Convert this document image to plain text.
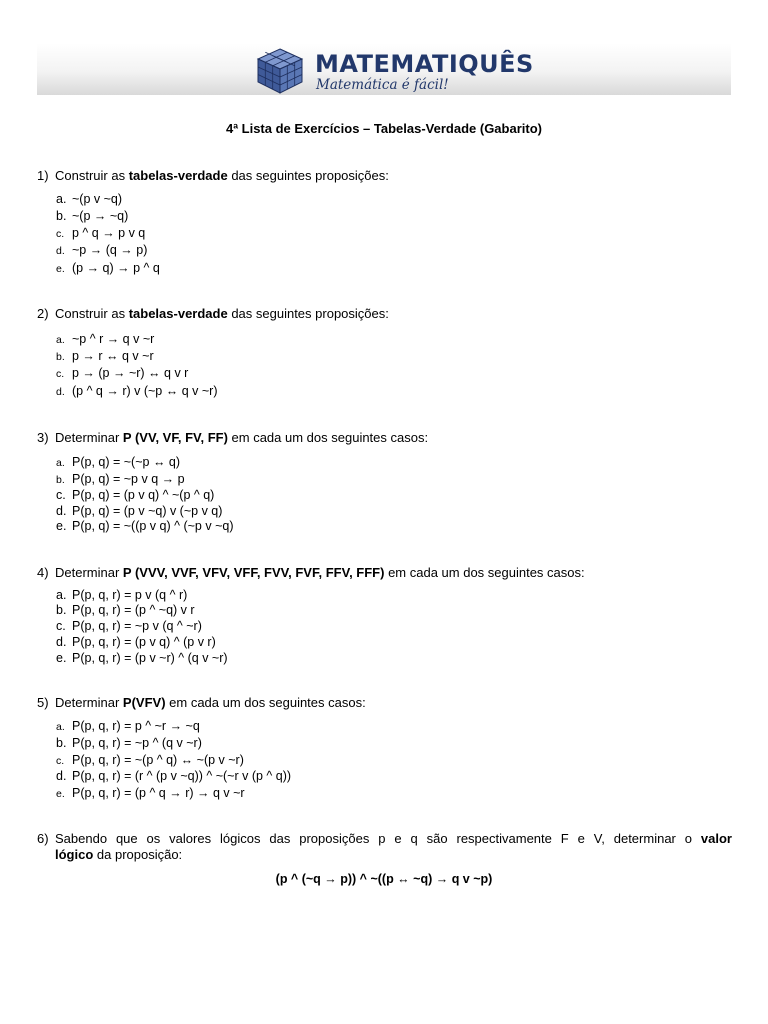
MATEMATIQUÊS
Matemática é fácil!
4ª Lista de Exercícios – Tabelas-Verdade (Gabarito)
1) Construir as tabelas-verdade das seguintes proposições:
a. ~(p v ~q)
b. ~(p → ~q)
c. p ^ q → p v q
d. ~p → (q → p)
e. (p → q) → p ^ q
2) Construir as tabelas-verdade das seguintes proposições:
a. ~p ^ r → q v ~r
b. p → r ↔ q v ~r
c. p → (p → ~r) ↔ q v r
d. (p ^ q → r) v (~p ↔ q v ~r)
3) Determinar P (VV, VF, FV, FF) em cada um dos seguintes casos:
a. P(p, q) = ~(~p ↔ q)
b. P(p, q) = ~p v q → p
c. P(p, q) = (p v q) ^ ~(p ^ q)
d. P(p, q) = (p v ~q) v (~p v q)
e. P(p, q) = ~((p v q) ^ (~p v ~q)
4) Determinar P (VVV, VVF, VFV, VFF, FVV, FVF, FFV, FFF) em cada um dos seguintes casos:
a. P(p, q, r) = p v (q ^ r)
b. P(p, q, r) = (p ^ ~q) v r
c. P(p, q, r) = ~p v (q ^ ~r)
d. P(p, q, r) = (p v q) ^ (p v r)
e. P(p, q, r) = (p v ~r) ^ (q v ~r)
5) Determinar P(VFV) em cada um dos seguintes casos:
a. P(p, q, r) = p ^ ~r → ~q
b. P(p, q, r) = ~p ^ (q v ~r)
c. P(p, q, r) = ~(p ^ q) ↔ ~(p v ~r)
d. P(p, q, r) = (r ^ (p v ~q)) ^ ~(~r v (p ^ q))
e. P(p, q, r) = (p ^ q → r) → q v ~r
6) Sabendo que os valores lógicos das proposições p e q são respectivamente F e V, determinar o valor
lógico da proposição:
(p ^ (~q → p)) ^ ~((p ↔ ~q) → q v ~p)
